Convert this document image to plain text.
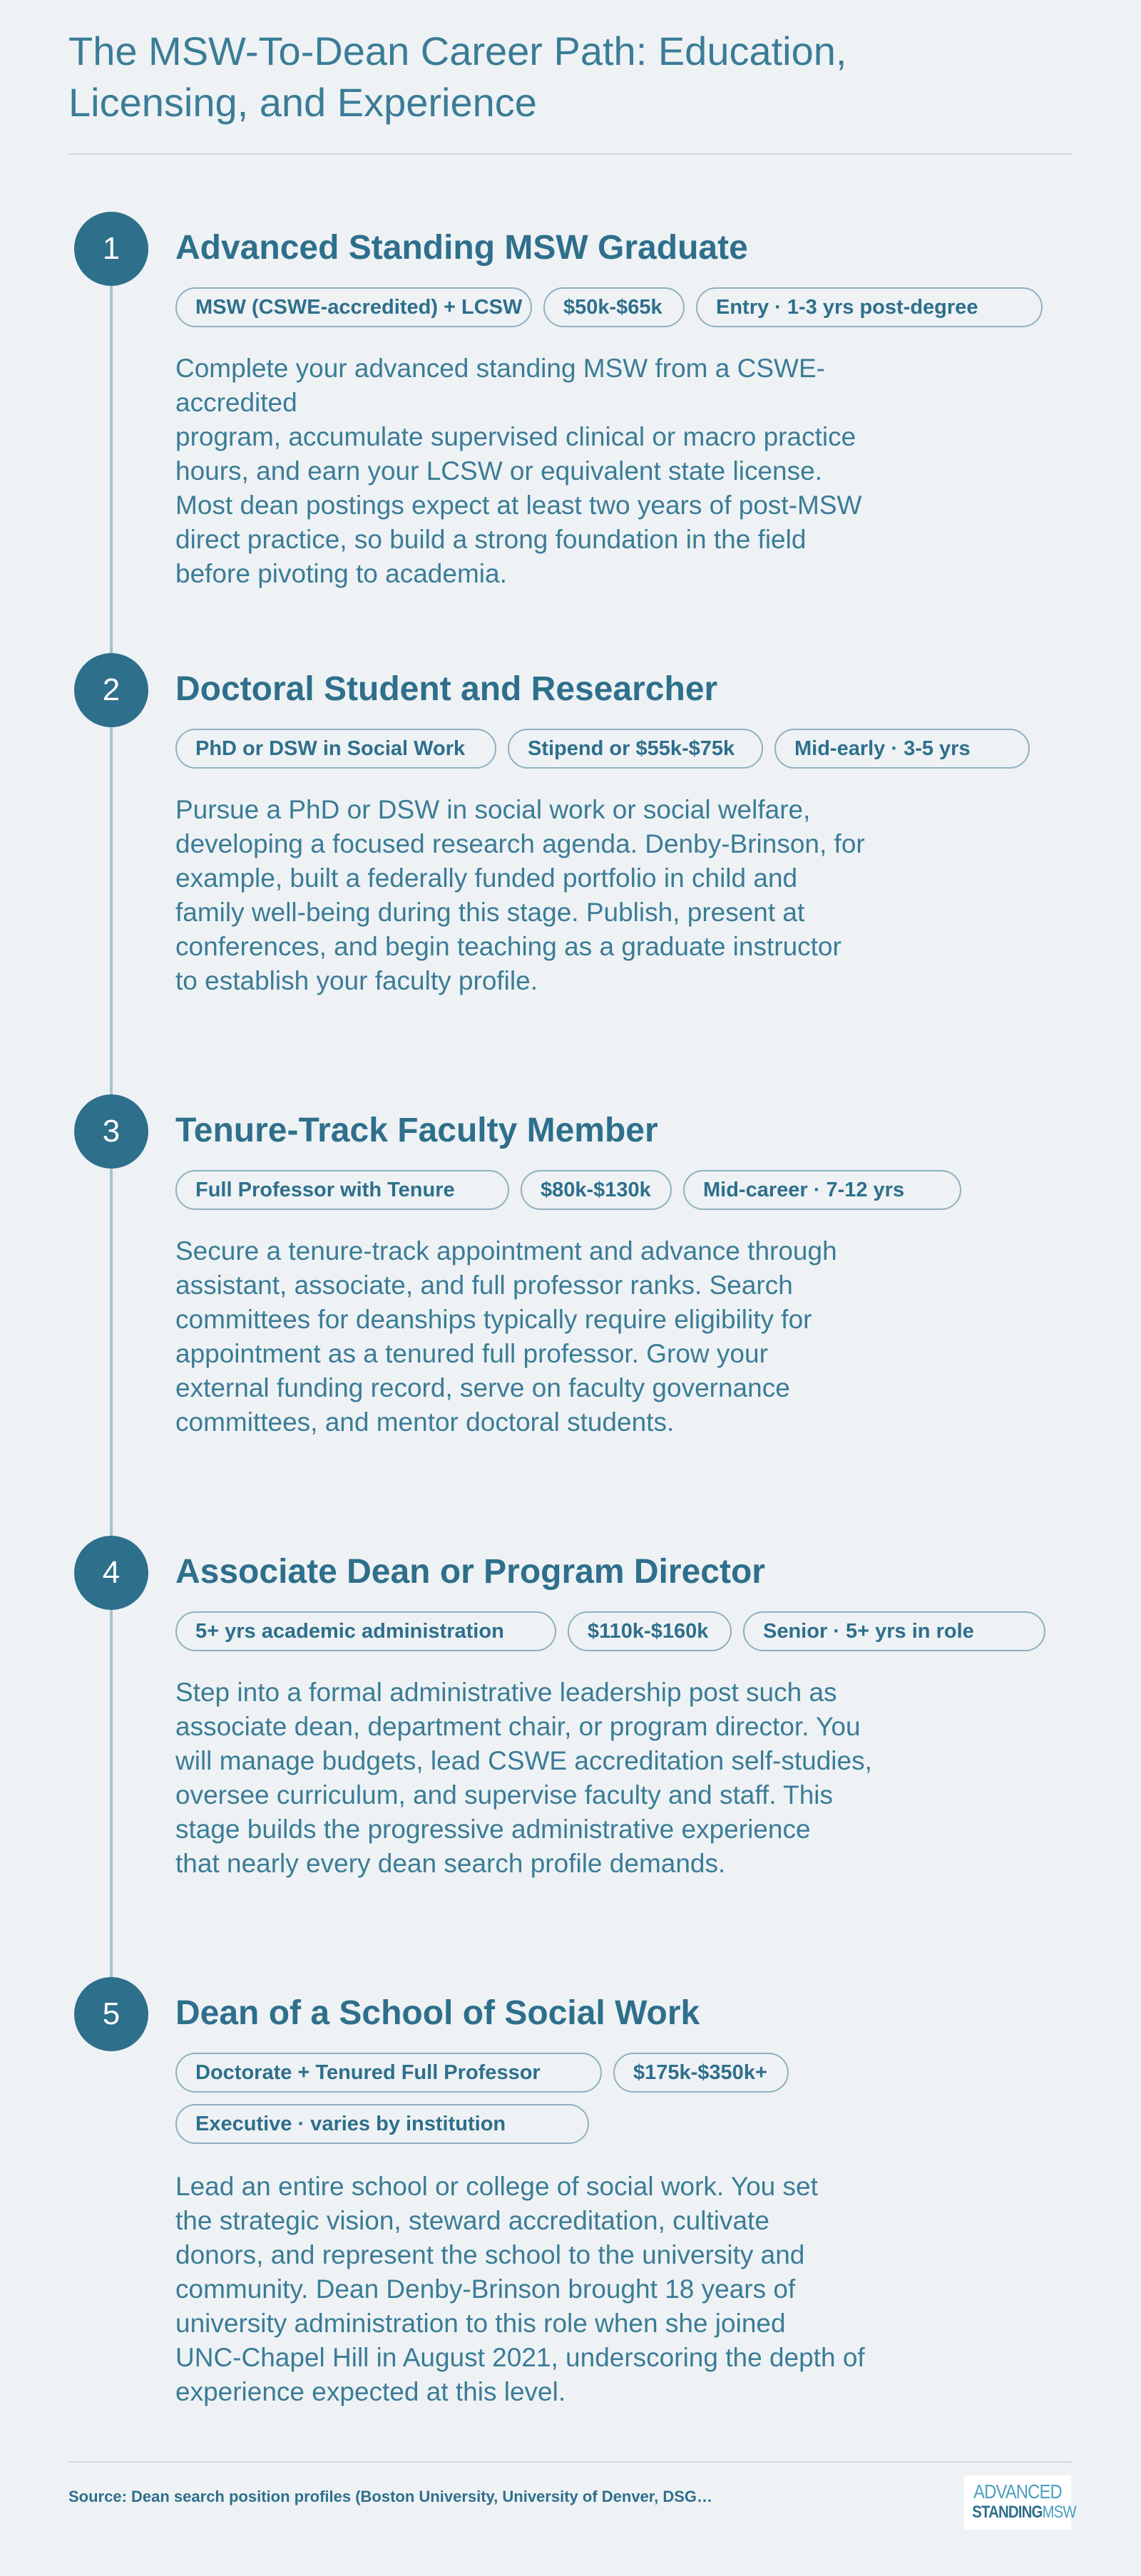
The MSW-To-Dean Career Path: Education,
Licensing, and Experience
1	Advanced Standing MSW Graduate
MSW (CSWE-accredited) + LCSW	$50k-$65k	Entry · 1-3 yrs post-degree

Complete your advanced standing MSW from a CSWE-accredited
program, accumulate supervised clinical or macro practice
hours, and earn your LCSW or equivalent state license.
Most dean postings expect at least two years of post-MSW
direct practice, so build a strong foundation in the field
before pivoting to academia.

2	Doctoral Student and Researcher
PhD or DSW in Social Work	Stipend or $55k-$75k	Mid-early · 3-5 yrs

Pursue a PhD or DSW in social work or social welfare,
developing a focused research agenda. Denby-Brinson, for
example, built a federally funded portfolio in child and
family well-being during this stage. Publish, present at
conferences, and begin teaching as a graduate instructor
to establish your faculty profile.

3	Tenure-Track Faculty Member
Full Professor with Tenure	$80k-$130k	Mid-career · 7-12 yrs

Secure a tenure-track appointment and advance through
assistant, associate, and full professor ranks. Search
committees for deanships typically require eligibility for
appointment as a tenured full professor. Grow your
external funding record, serve on faculty governance
committees, and mentor doctoral students.

4	Associate Dean or Program Director
5+ yrs academic administration	$110k-$160k	Senior · 5+ yrs in role

Step into a formal administrative leadership post such as
associate dean, department chair, or program director. You
will manage budgets, lead CSWE accreditation self-studies,
oversee curriculum, and supervise faculty and staff. This
stage builds the progressive administrative experience
that nearly every dean search profile demands.

5	Dean of a School of Social Work
Doctorate + Tenured Full Professor	$175k-$350k+
Executive · varies by institution

Lead an entire school or college of social work. You set
the strategic vision, steward accreditation, cultivate
donors, and represent the school to the university and
community. Dean Denby-Brinson brought 18 years of
university administration to this role when she joined
UNC-Chapel Hill in August 2021, underscoring the depth of
experience expected at this level.

Source: Dean search position profiles (Boston University, University of Denver, DSG…	ADVANCED
STANDINGMSW
